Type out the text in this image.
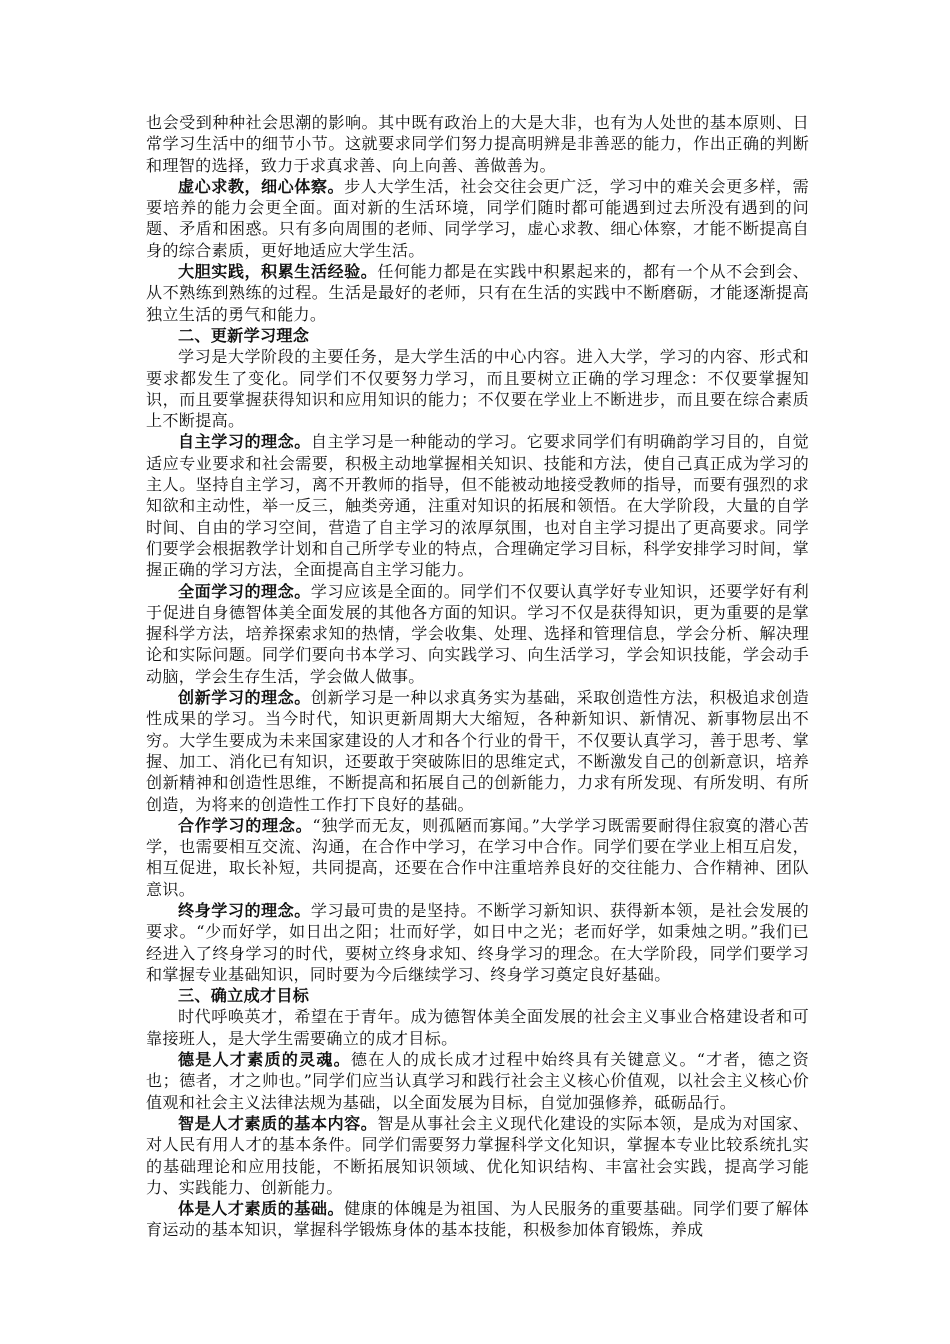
也会受到种种社会思潮的影响。其中既有政治上的大是大非，也有为人处世的基本原则、日常学习生活中的细节小节。这就要求同学们努力提高明辨是非善恶的能力，作出正确的判断和理智的选择，致力于求真求善、向上向善、善做善为。

虚心求教，细心体察。步人大学生活，社会交往会更广泛，学习中的难关会更多样，需要培养的能力会更全面。面对新的生活环境，同学们随时都可能遇到过去所没有遇到的问题、矛盾和困惑。只有多向周围的老师、同学学习，虚心求教、细心体察，才能不断提高自身的综合素质，更好地适应大学生活。

大胆实践，积累生活经验。任何能力都是在实践中积累起来的，都有一个从不会到会、从不熟练到熟练的过程。生活是最好的老师，只有在生活的实践中不断磨砺，才能逐渐提高独立生活的勇气和能力。

二、更新学习理念

学习是大学阶段的主要任务，是大学生活的中心内容。进入大学，学习的内容、形式和要求都发生了变化。同学们不仅要努力学习，而且要树立正确的学习理念：不仅要掌握知识，而且要掌握获得知识和应用知识的能力；不仅要在学业上不断进步，而且要在综合素质上不断提高。

自主学习的理念。自主学习是一种能动的学习。它要求同学们有明确韵学习目的，自觉适应专业要求和社会需要，积极主动地掌握相关知识、技能和方法，使自己真正成为学习的主人。坚持自主学习，离不开教师的指导，但不能被动地接受教师的指导，而要有强烈的求知欲和主动性，举一反三，触类旁通，注重对知识的拓展和领悟。在大学阶段，大量的自学时间、自由的学习空间，营造了自主学习的浓厚氛围，也对自主学习提出了更高要求。同学们要学会根据教学计划和自己所学专业的特点，合理确定学习目标，科学安排学习时间，掌握正确的学习方法，全面提高自主学习能力。

全面学习的理念。学习应该是全面的。同学们不仅要认真学好专业知识，还要学好有利于促进自身德智体美全面发展的其他各方面的知识。学习不仅是获得知识，更为重要的是掌握科学方法，培养探索求知的热情，学会收集、处理、选择和管理信息，学会分析、解决理论和实际问题。同学们要向书本学习、向实践学习、向生活学习，学会知识技能，学会动手动脑，学会生存生活，学会做人做事。

创新学习的理念。创新学习是一种以求真务实为基础，采取创造性方法，积极追求创造性成果的学习。当今时代，知识更新周期大大缩短，各种新知识、新情况、新事物层出不穷。大学生要成为未来国家建设的人才和各个行业的骨干，不仅要认真学习，善于思考、掌握、加工、消化已有知识，还要敢于突破陈旧的思维定式，不断激发自己的创新意识，培养创新精神和创造性思维，不断提高和拓展自己的创新能力，力求有所发现、有所发明、有所创造，为将来的创造性工作打下良好的基础。

合作学习的理念。“独学而无友，则孤陋而寡闻。”大学学习既需要耐得住寂寞的潜心苦学，也需要相互交流、沟通，在合作中学习，在学习中合作。同学们要在学业上相互启发，相互促进，取长补短，共同提高，还要在合作中注重培养良好的交往能力、合作精神、团队意识。

终身学习的理念。学习最可贵的是坚持。不断学习新知识、获得新本领，是社会发展的要求。“少而好学，如日出之阳；壮而好学，如日中之光；老而好学，如秉烛之明。”我们已经进入了终身学习的时代，要树立终身求知、终身学习的理念。在大学阶段，同学们要学习和掌握专业基础知识，同时要为今后继续学习、终身学习奠定良好基础。

三、确立成才目标

时代呼唤英才，希望在于青年。成为德智体美全面发展的社会主义事业合格建设者和可靠接班人，是大学生需要确立的成才目标。

德是人才素质的灵魂。德在人的成长成才过程中始终具有关键意义。“才者，德之资也；德者，才之帅也。”同学们应当认真学习和践行社会主义核心价值观，以社会主义核心价值观和社会主义法律法规为基础，以全面发展为目标，自觉加强修养，砥砺品行。

智是人才素质的基本内容。智是从事社会主义现代化建设的实际本领，是成为对国家、对人民有用人才的基本条件。同学们需要努力掌握科学文化知识，掌握本专业比较系统扎实的基础理论和应用技能，不断拓展知识领域、优化知识结构、丰富社会实践，提高学习能力、实践能力、创新能力。

体是人才素质的基础。健康的体魄是为祖国、为人民服务的重要基础。同学们要了解体育运动的基本知识，掌握科学锻炼身体的基本技能，积极参加体育锻炼，养成
